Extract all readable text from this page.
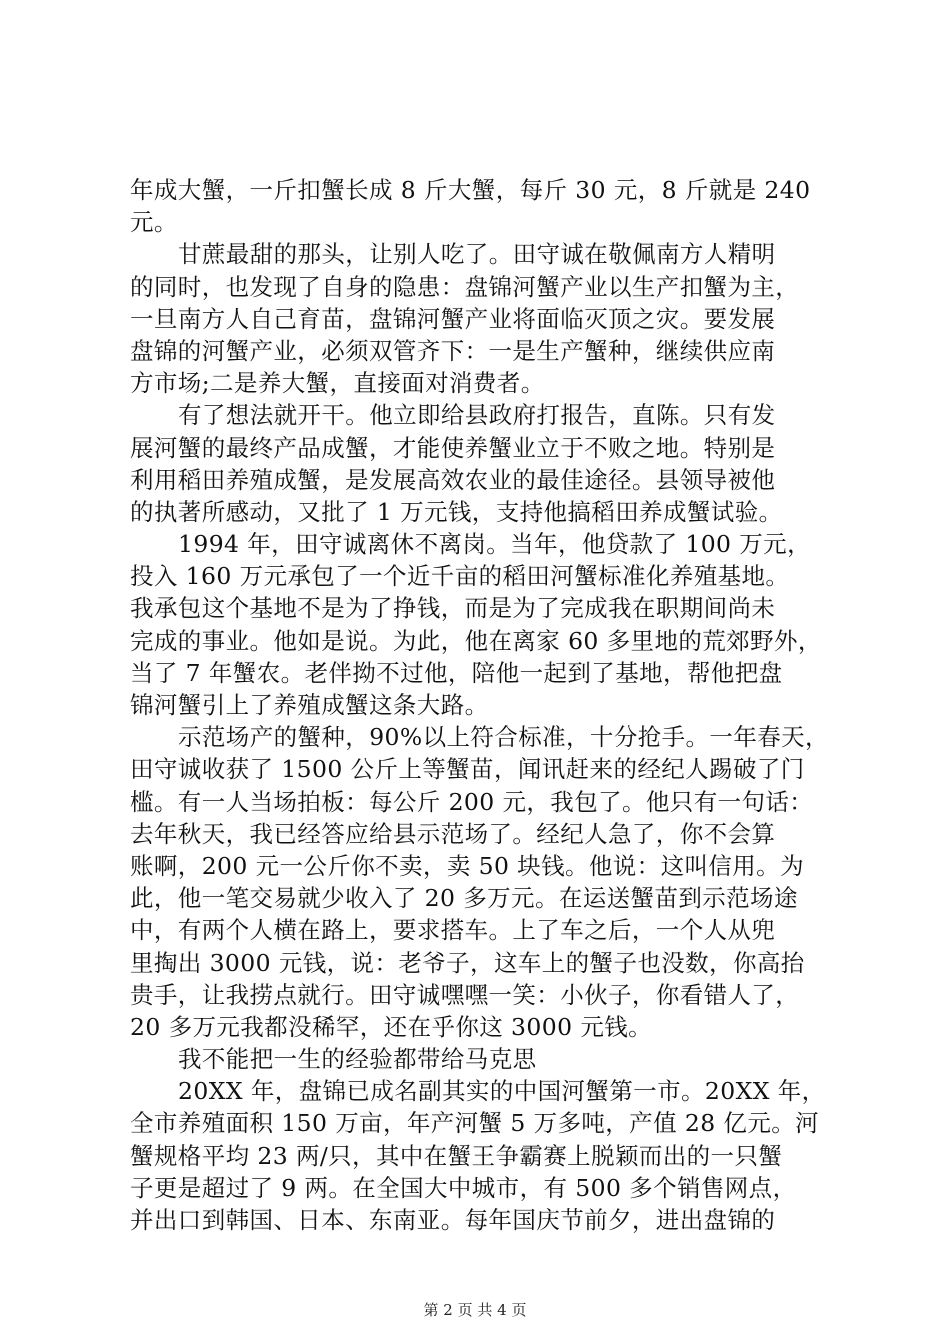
年成大蟹，一斤扣蟹长成 8 斤大蟹，每斤 30 元，8 斤就是 240
元。
甘蔗最甜的那头，让别人吃了。田守诚在敬佩南方人精明
的同时，也发现了自身的隐患：盘锦河蟹产业以生产扣蟹为主，
一旦南方人自己育苗，盘锦河蟹产业将面临灭顶之灾。要发展
盘锦的河蟹产业，必须双管齐下：一是生产蟹种，继续供应南
方市场;二是养大蟹，直接面对消费者。
有了想法就开干。他立即给县政府打报告，直陈。只有发
展河蟹的最终产品成蟹，才能使养蟹业立于不败之地。特别是
利用稻田养殖成蟹，是发展高效农业的最佳途径。县领导被他
的执著所感动，又批了 1 万元钱，支持他搞稻田养成蟹试验。
1994 年，田守诚离休不离岗。当年，他贷款了 100 万元，
投入 160 万元承包了一个近千亩的稻田河蟹标准化养殖基地。
我承包这个基地不是为了挣钱，而是为了完成我在职期间尚未
完成的事业。他如是说。为此，他在离家 60 多里地的荒郊野外，
当了 7 年蟹农。老伴拗不过他，陪他一起到了基地，帮他把盘
锦河蟹引上了养殖成蟹这条大路。
示范场产的蟹种，90%以上符合标准，十分抢手。一年春天，
田守诚收获了 1500 公斤上等蟹苗，闻讯赶来的经纪人踢破了门
槛。有一人当场拍板：每公斤 200 元，我包了。他只有一句话：
去年秋天，我已经答应给县示范场了。经纪人急了，你不会算
账啊，200 元一公斤你不卖，卖 50 块钱。他说：这叫信用。为
此，他一笔交易就少收入了 20 多万元。在运送蟹苗到示范场途
中，有两个人横在路上，要求搭车。上了车之后，一个人从兜
里掏出 3000 元钱，说：老爷子，这车上的蟹子也没数，你高抬
贵手，让我捞点就行。田守诚嘿嘿一笑：小伙子，你看错人了，
20 多万元我都没稀罕，还在乎你这 3000 元钱。
我不能把一生的经验都带给马克思
20XX 年，盘锦已成名副其实的中国河蟹第一市。20XX 年，
全市养殖面积 150 万亩，年产河蟹 5 万多吨，产值 28 亿元。河
蟹规格平均 23 两/只，其中在蟹王争霸赛上脱颖而出的一只蟹
子更是超过了 9 两。在全国大中城市，有 500 多个销售网点，
并出口到韩国、日本、东南亚。每年国庆节前夕，进出盘锦的
第 2 页 共 4 页
